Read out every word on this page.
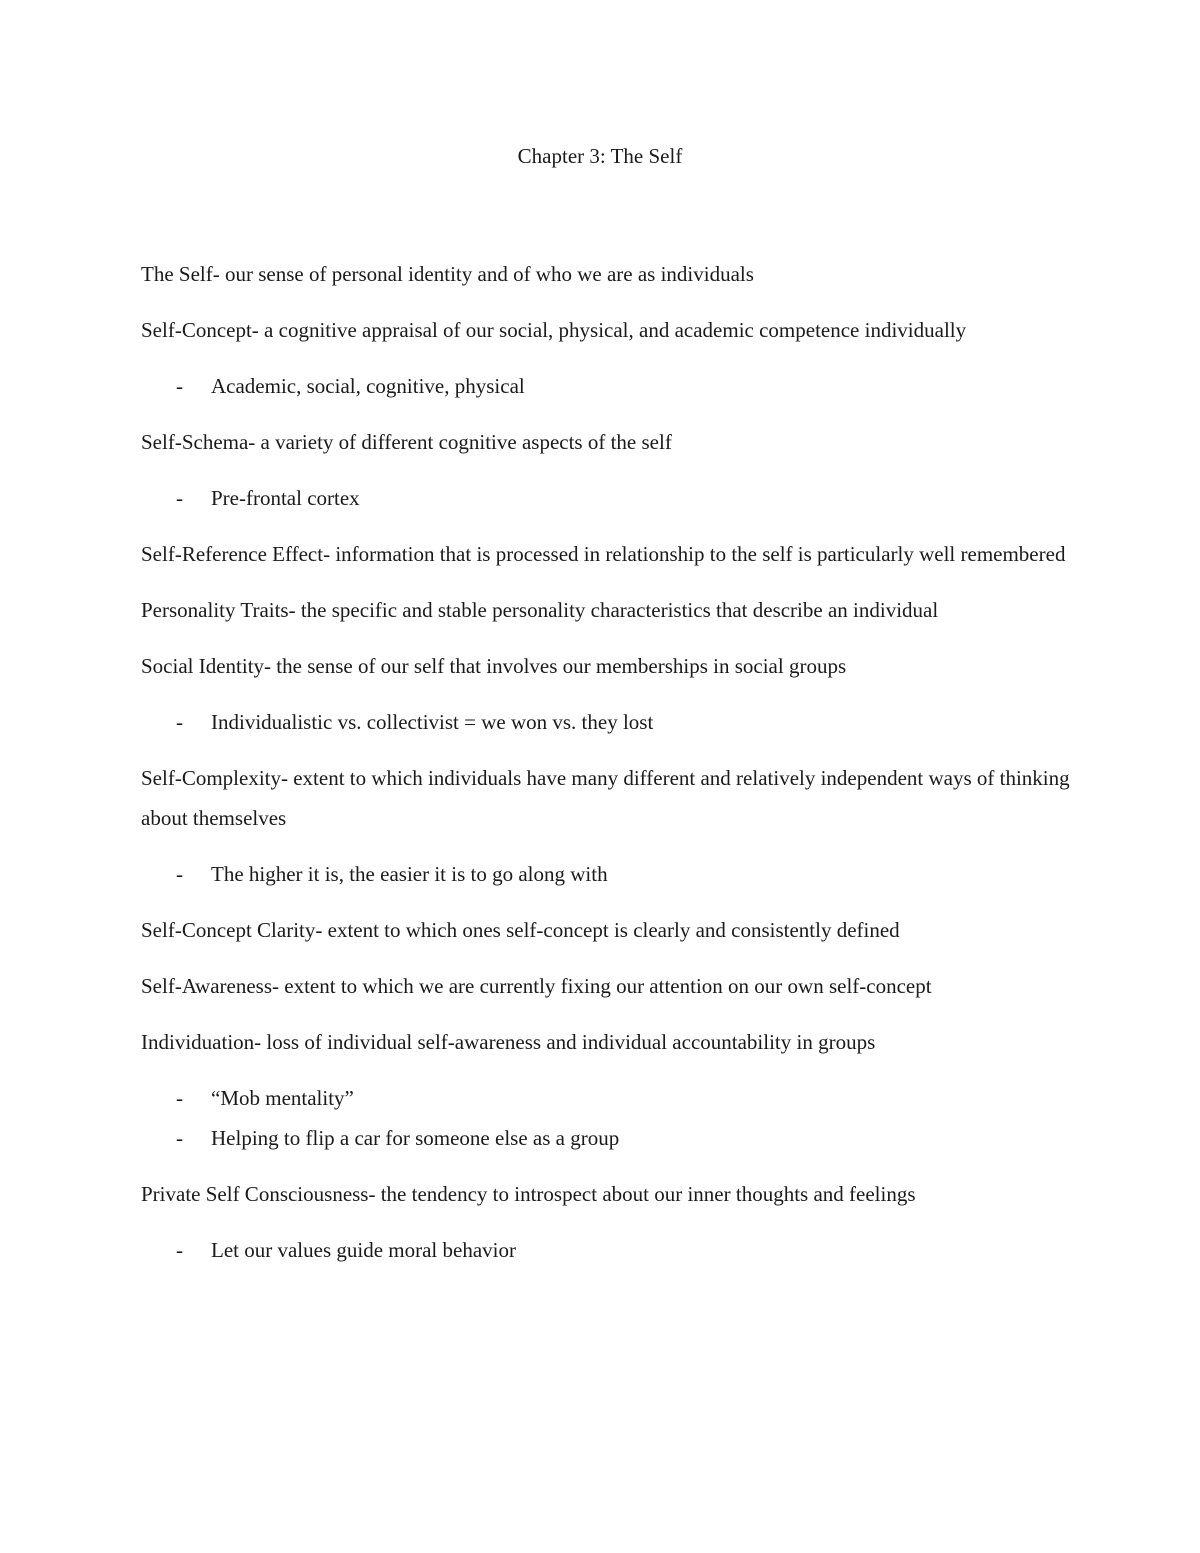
Chapter 3: The Self

The Self- our sense of personal identity and of who we are as individuals

Self-Concept- a cognitive appraisal of our social, physical, and academic competence individually

- Academic, social, cognitive, physical

Self-Schema- a variety of different cognitive aspects of the self

- Pre-frontal cortex

Self-Reference Effect- information that is processed in relationship to the self is particularly well remembered

Personality Traits- the specific and stable personality characteristics that describe an individual

Social Identity- the sense of our self that involves our memberships in social groups

- Individualistic vs. collectivist = we won vs. they lost

Self-Complexity- extent to which individuals have many different and relatively independent ways of thinking about themselves

- The higher it is, the easier it is to go along with

Self-Concept Clarity- extent to which ones self-concept is clearly and consistently defined

Self-Awareness- extent to which we are currently fixing our attention on our own self-concept

Individuation- loss of individual self-awareness and individual accountability in groups

- “Mob mentality”
- Helping to flip a car for someone else as a group

Private Self Consciousness- the tendency to introspect about our inner thoughts and feelings

- Let our values guide moral behavior
